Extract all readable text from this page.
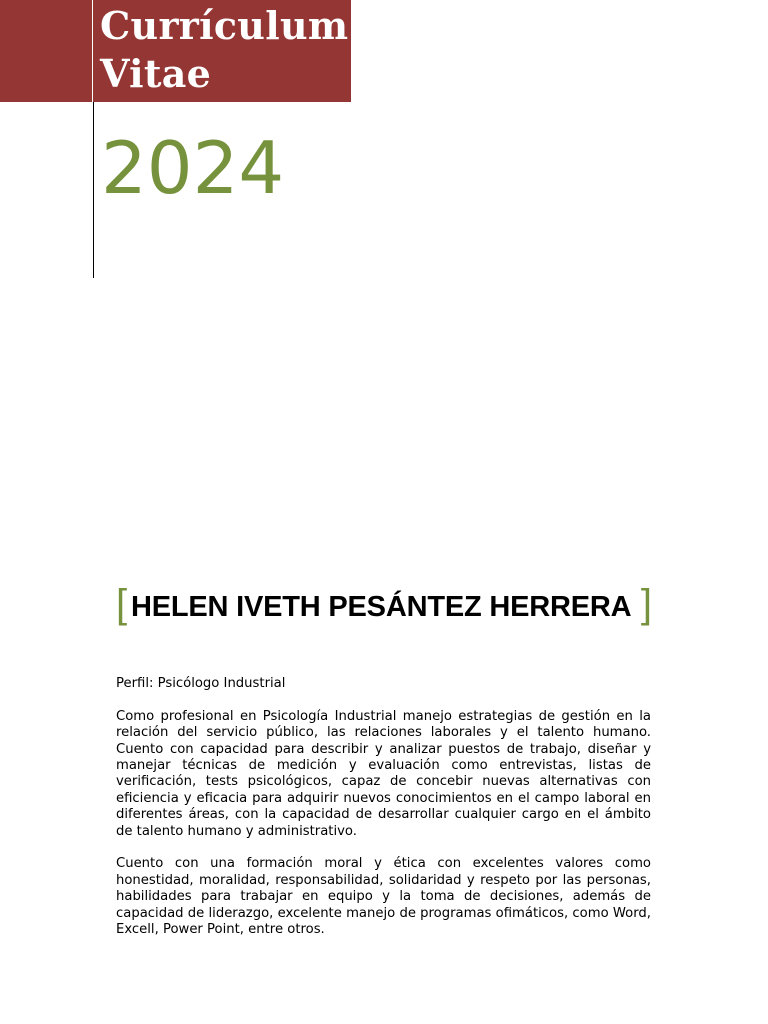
Currículum
Vitae
2024
[ HELEN IVETH PESÁNTEZ HERRERA ]

Perfil: Psicólogo Industrial

Como profesional en Psicología Industrial manejo estrategias de gestión en la relación del servicio público, las relaciones laborales y el talento humano. Cuento con capacidad para describir y analizar puestos de trabajo, diseñar y manejar técnicas de medición y evaluación como entrevistas, listas de verificación, tests psicológicos, capaz de concebir nuevas alternativas con eficiencia y eficacia para adquirir nuevos conocimientos en el campo laboral en diferentes áreas, con la capacidad de desarrollar cualquier cargo en el ámbito de talento humano y administrativo.

Cuento con una formación moral y ética con excelentes valores como honestidad, moralidad, responsabilidad, solidaridad y respeto por las personas, habilidades para trabajar en equipo y la toma de decisiones, además de capacidad de liderazgo, excelente manejo de programas ofimáticos, como Word, Excell, Power Point, entre otros.
